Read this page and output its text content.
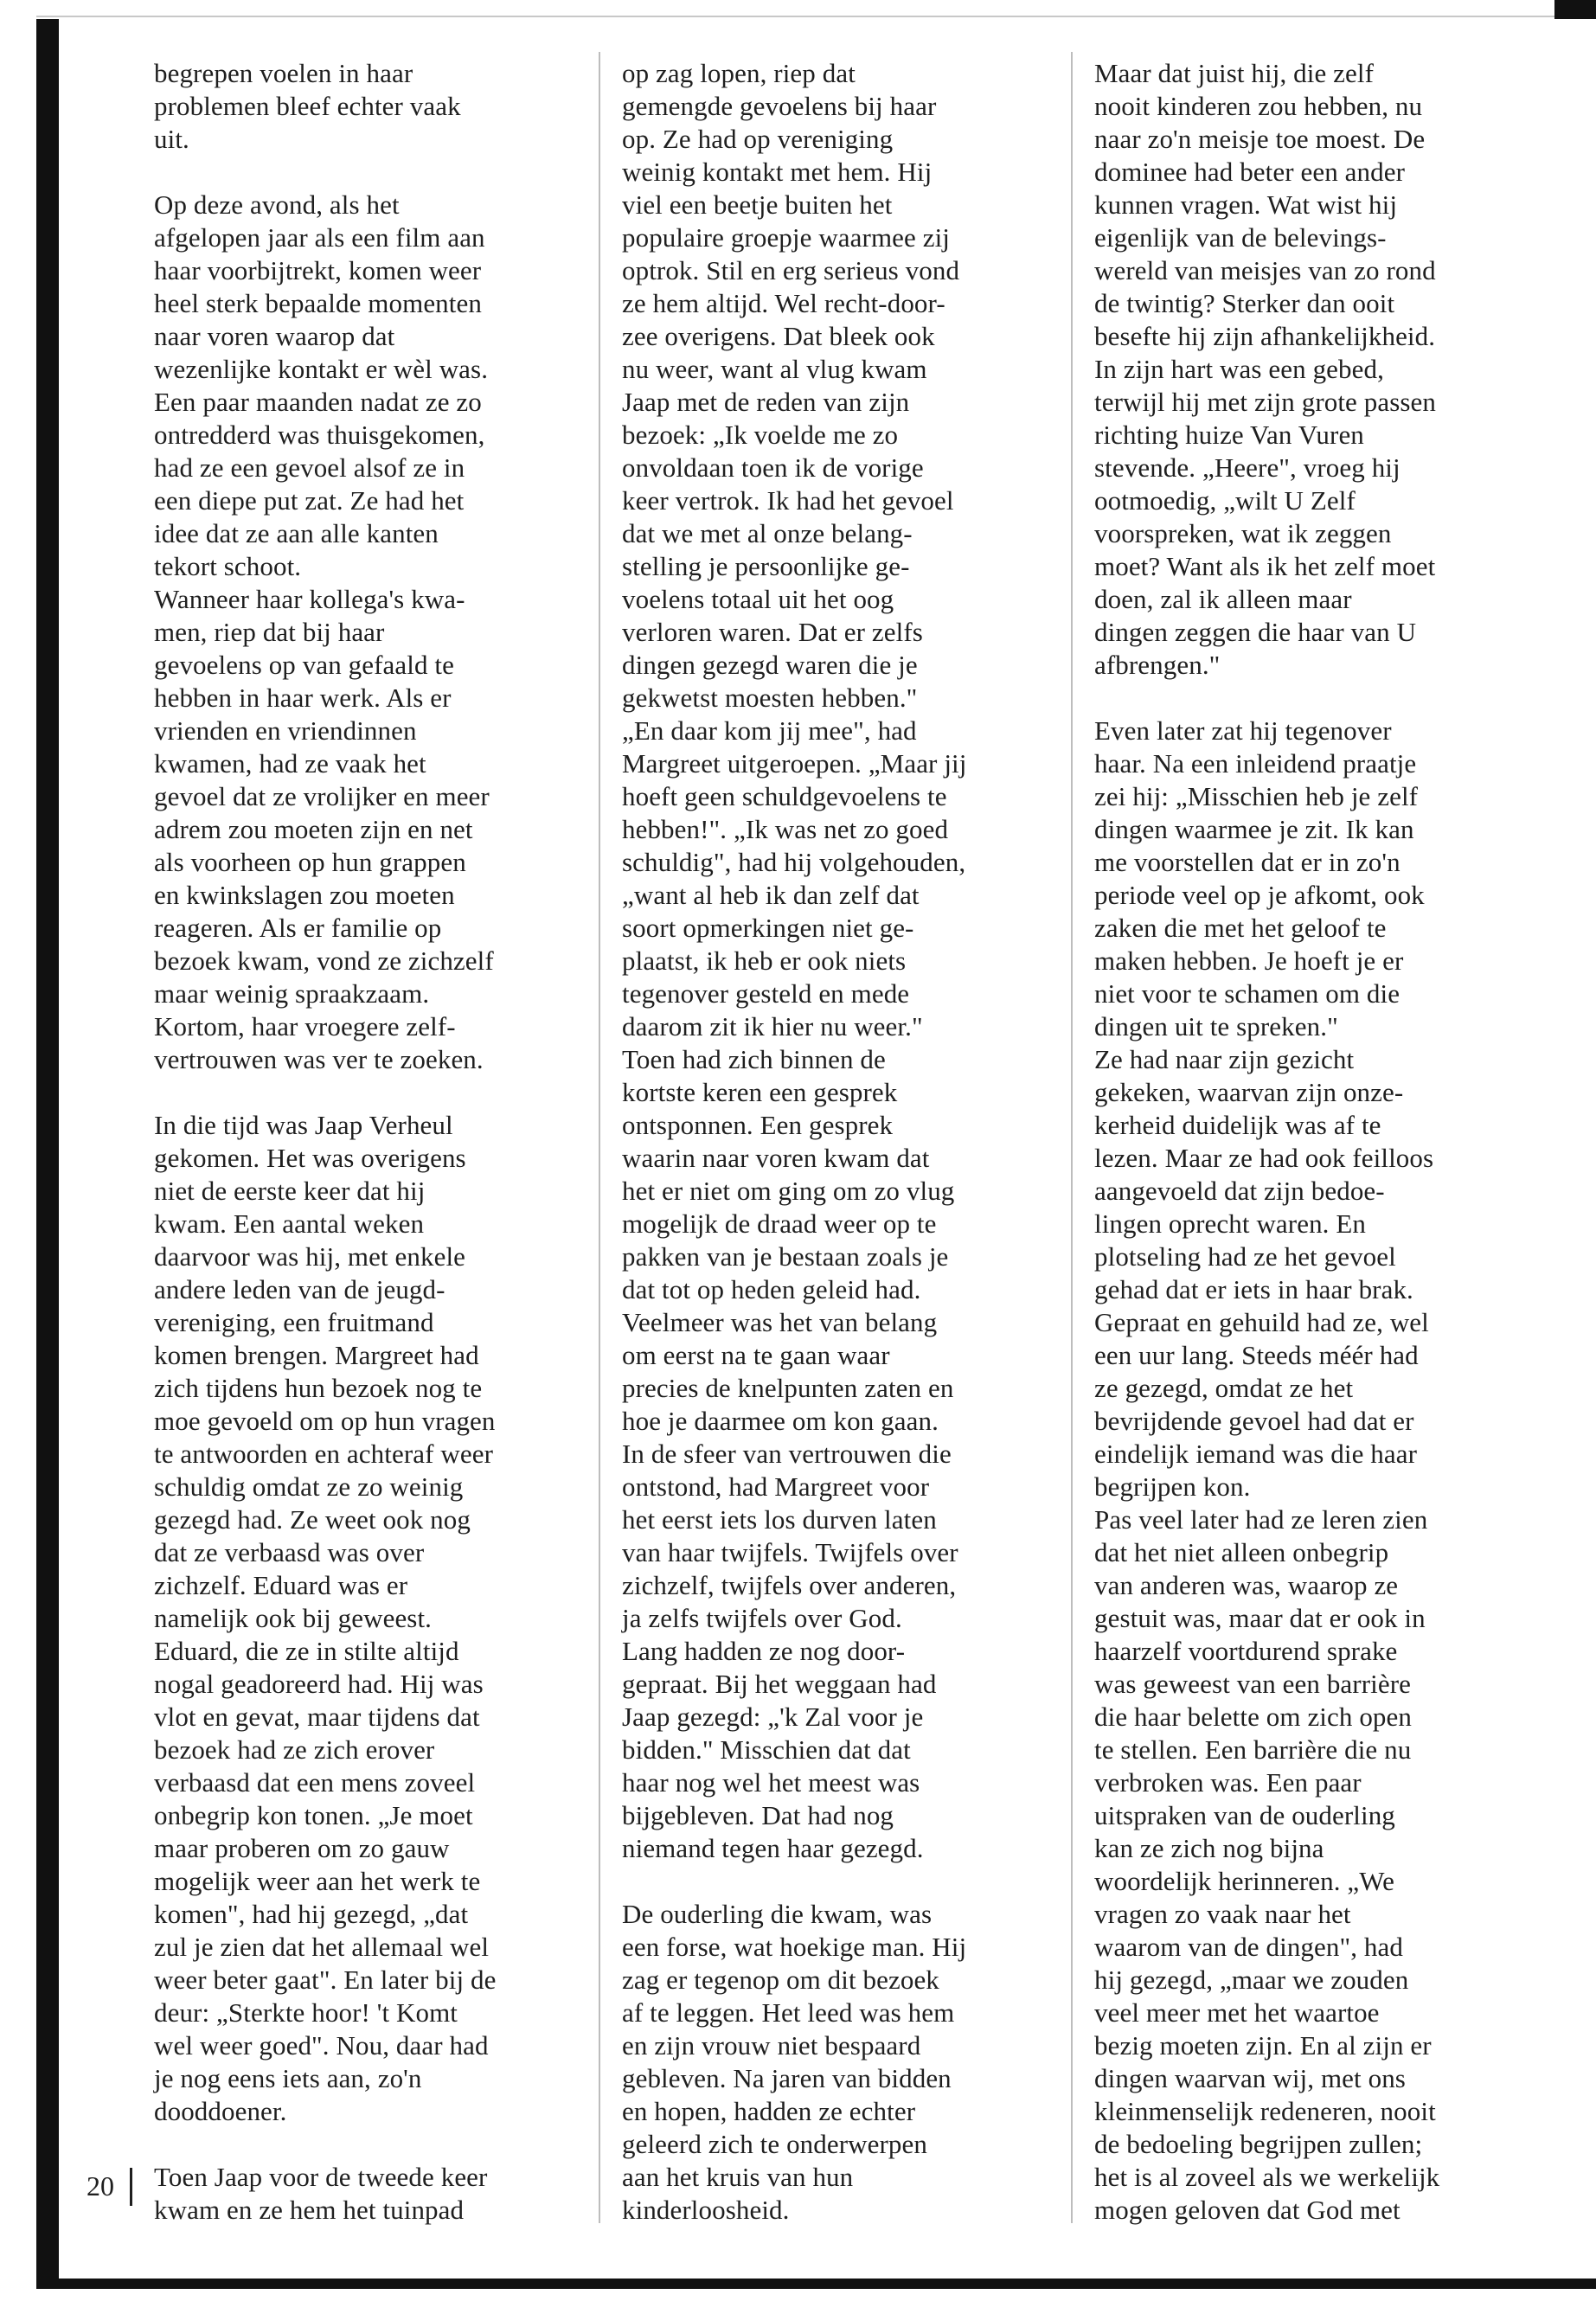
begrepen voelen in haar
problemen bleef echter vaak
uit.

Op deze avond, als het
afgelopen jaar als een film aan
haar voorbijtrekt, komen weer
heel sterk bepaalde momenten
naar voren waarop dat
wezenlijke kontakt er wèl was.
Een paar maanden nadat ze zo
ontredderd was thuisgekomen,
had ze een gevoel alsof ze in
een diepe put zat. Ze had het
idee dat ze aan alle kanten
tekort schoot.
Wanneer haar kollega's kwa-
men, riep dat bij haar
gevoelens op van gefaald te
hebben in haar werk. Als er
vrienden en vriendinnen
kwamen, had ze vaak het
gevoel dat ze vrolijker en meer
adrem zou moeten zijn en net
als voorheen op hun grappen
en kwinkslagen zou moeten
reageren. Als er familie op
bezoek kwam, vond ze zichzelf
maar weinig spraakzaam.
Kortom, haar vroegere zelf-
vertrouwen was ver te zoeken.

In die tijd was Jaap Verheul
gekomen. Het was overigens
niet de eerste keer dat hij
kwam. Een aantal weken
daarvoor was hij, met enkele
andere leden van de jeugd-
vereniging, een fruitmand
komen brengen. Margreet had
zich tijdens hun bezoek nog te
moe gevoeld om op hun vragen
te antwoorden en achteraf weer
schuldig omdat ze zo weinig
gezegd had. Ze weet ook nog
dat ze verbaasd was over
zichzelf. Eduard was er
namelijk ook bij geweest.
Eduard, die ze in stilte altijd
nogal geadoreerd had. Hij was
vlot en gevat, maar tijdens dat
bezoek had ze zich erover
verbaasd dat een mens zoveel
onbegrip kon tonen. „Je moet
maar proberen om zo gauw
mogelijk weer aan het werk te
komen", had hij gezegd, „dat
zul je zien dat het allemaal wel
weer beter gaat". En later bij de
deur: „Sterkte hoor! 't Komt
wel weer goed". Nou, daar had
je nog eens iets aan, zo'n
dooddoener.

Toen Jaap voor de tweede keer
kwam en ze hem het tuinpad

op zag lopen, riep dat
gemengde gevoelens bij haar
op. Ze had op vereniging
weinig kontakt met hem. Hij
viel een beetje buiten het
populaire groepje waarmee zij
optrok. Stil en erg serieus vond
ze hem altijd. Wel recht-door-
zee overigens. Dat bleek ook
nu weer, want al vlug kwam
Jaap met de reden van zijn
bezoek: „Ik voelde me zo
onvoldaan toen ik de vorige
keer vertrok. Ik had het gevoel
dat we met al onze belang-
stelling je persoonlijke ge-
voelens totaal uit het oog
verloren waren. Dat er zelfs
dingen gezegd waren die je
gekwetst moesten hebben."
„En daar kom jij mee", had
Margreet uitgeroepen. „Maar jij
hoeft geen schuldgevoelens te
hebben!". „Ik was net zo goed
schuldig", had hij volgehouden,
„want al heb ik dan zelf dat
soort opmerkingen niet ge-
plaatst, ik heb er ook niets
tegenover gesteld en mede
daarom zit ik hier nu weer."
Toen had zich binnen de
kortste keren een gesprek
ontsponnen. Een gesprek
waarin naar voren kwam dat
het er niet om ging om zo vlug
mogelijk de draad weer op te
pakken van je bestaan zoals je
dat tot op heden geleid had.
Veelmeer was het van belang
om eerst na te gaan waar
precies de knelpunten zaten en
hoe je daarmee om kon gaan.
In de sfeer van vertrouwen die
ontstond, had Margreet voor
het eerst iets los durven laten
van haar twijfels. Twijfels over
zichzelf, twijfels over anderen,
ja zelfs twijfels over God.
Lang hadden ze nog door-
gepraat. Bij het weggaan had
Jaap gezegd: „'k Zal voor je
bidden." Misschien dat dat
haar nog wel het meest was
bijgebleven. Dat had nog
niemand tegen haar gezegd.

De ouderling die kwam, was
een forse, wat hoekige man. Hij
zag er tegenop om dit bezoek
af te leggen. Het leed was hem
en zijn vrouw niet bespaard
gebleven. Na jaren van bidden
en hopen, hadden ze echter
geleerd zich te onderwerpen
aan het kruis van hun
kinderloosheid.

Maar dat juist hij, die zelf
nooit kinderen zou hebben, nu
naar zo'n meisje toe moest. De
dominee had beter een ander
kunnen vragen. Wat wist hij
eigenlijk van de belevings-
wereld van meisjes van zo rond
de twintig? Sterker dan ooit
besefte hij zijn afhankelijkheid.
In zijn hart was een gebed,
terwijl hij met zijn grote passen
richting huize Van Vuren
stevende. „Heere", vroeg hij
ootmoedig, „wilt U Zelf
voorspreken, wat ik zeggen
moet? Want als ik het zelf moet
doen, zal ik alleen maar
dingen zeggen die haar van U
afbrengen."

Even later zat hij tegenover
haar. Na een inleidend praatje
zei hij: „Misschien heb je zelf
dingen waarmee je zit. Ik kan
me voorstellen dat er in zo'n
periode veel op je afkomt, ook
zaken die met het geloof te
maken hebben. Je hoeft je er
niet voor te schamen om die
dingen uit te spreken."
Ze had naar zijn gezicht
gekeken, waarvan zijn onze-
kerheid duidelijk was af te
lezen. Maar ze had ook feilloos
aangevoeld dat zijn bedoe-
lingen oprecht waren. En
plotseling had ze het gevoel
gehad dat er iets in haar brak.
Gepraat en gehuild had ze, wel
een uur lang. Steeds méér had
ze gezegd, omdat ze het
bevrijdende gevoel had dat er
eindelijk iemand was die haar
begrijpen kon.
Pas veel later had ze leren zien
dat het niet alleen onbegrip
van anderen was, waarop ze
gestuit was, maar dat er ook in
haarzelf voortdurend sprake
was geweest van een barrière
die haar belette om zich open
te stellen. Een barrière die nu
verbroken was. Een paar
uitspraken van de ouderling
kan ze zich nog bijna
woordelijk herinneren. „We
vragen zo vaak naar het
waarom van de dingen", had
hij gezegd, „maar we zouden
veel meer met het waartoe
bezig moeten zijn. En al zijn er
dingen waarvan wij, met ons
kleinmenselijk redeneren, nooit
de bedoeling begrijpen zullen;
het is al zoveel als we werkelijk
mogen geloven dat God met

20
